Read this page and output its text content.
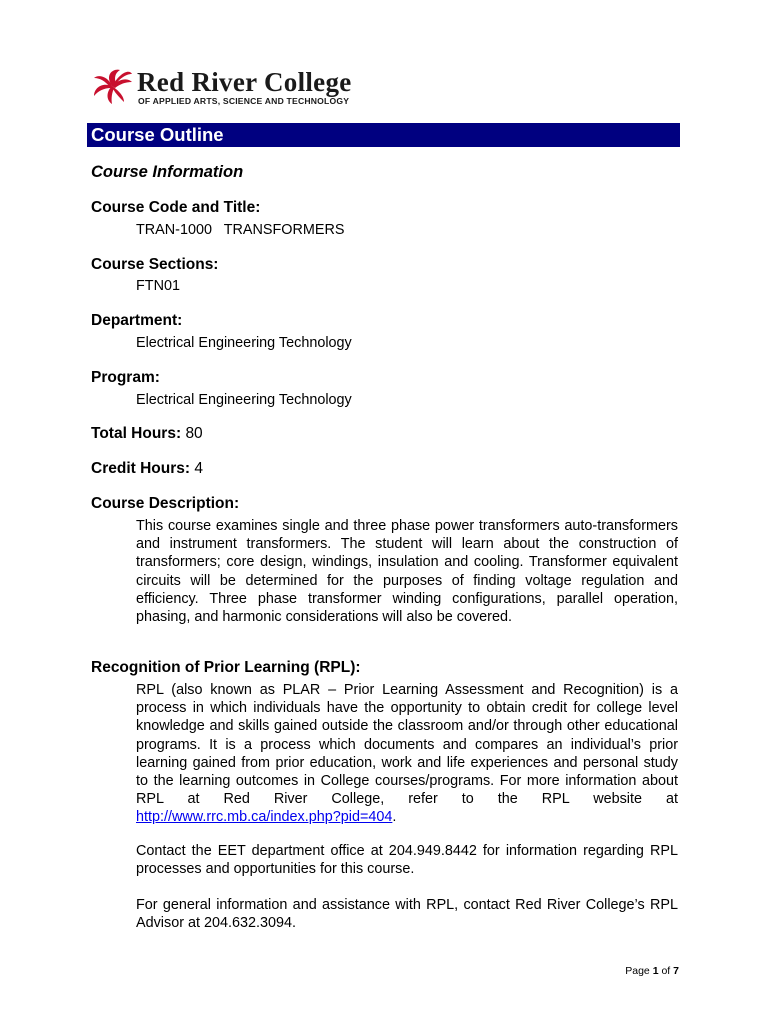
Red River College
OF APPLIED ARTS, SCIENCE AND TECHNOLOGY
Course Outline
Course Information
Course Code and Title:
TRAN-1000   TRANSFORMERS
Course Sections:
FTN01
Department:
Electrical Engineering Technology
Program:
Electrical Engineering Technology
Total Hours: 80
Credit Hours: 4
Course Description:

This course examines single and three phase power transformers auto-transformers and instrument transformers. The student will learn about the construction of transformers; core design, windings, insulation and cooling. Transformer equivalent circuits will be determined for the purposes of finding voltage regulation and efficiency. Three phase transformer winding configurations, parallel operation, phasing, and harmonic considerations will also be covered.

Recognition of Prior Learning (RPL):

RPL (also known as PLAR – Prior Learning Assessment and Recognition) is a process in which individuals have the opportunity to obtain credit for college level knowledge and skills gained outside the classroom and/or through other educational programs. It is a process which documents and compares an individual’s prior learning gained from prior education, work and life experiences and personal study to the learning outcomes in College courses/programs. For more information about RPL at Red River College, refer to the RPL website at http://www.rrc.mb.ca/index.php?pid=404.

Contact the EET department office at 204.949.8442 for information regarding RPL processes and opportunities for this course.

For general information and assistance with RPL, contact Red River College’s RPL Advisor at 204.632.3094.

Page 1 of 7
